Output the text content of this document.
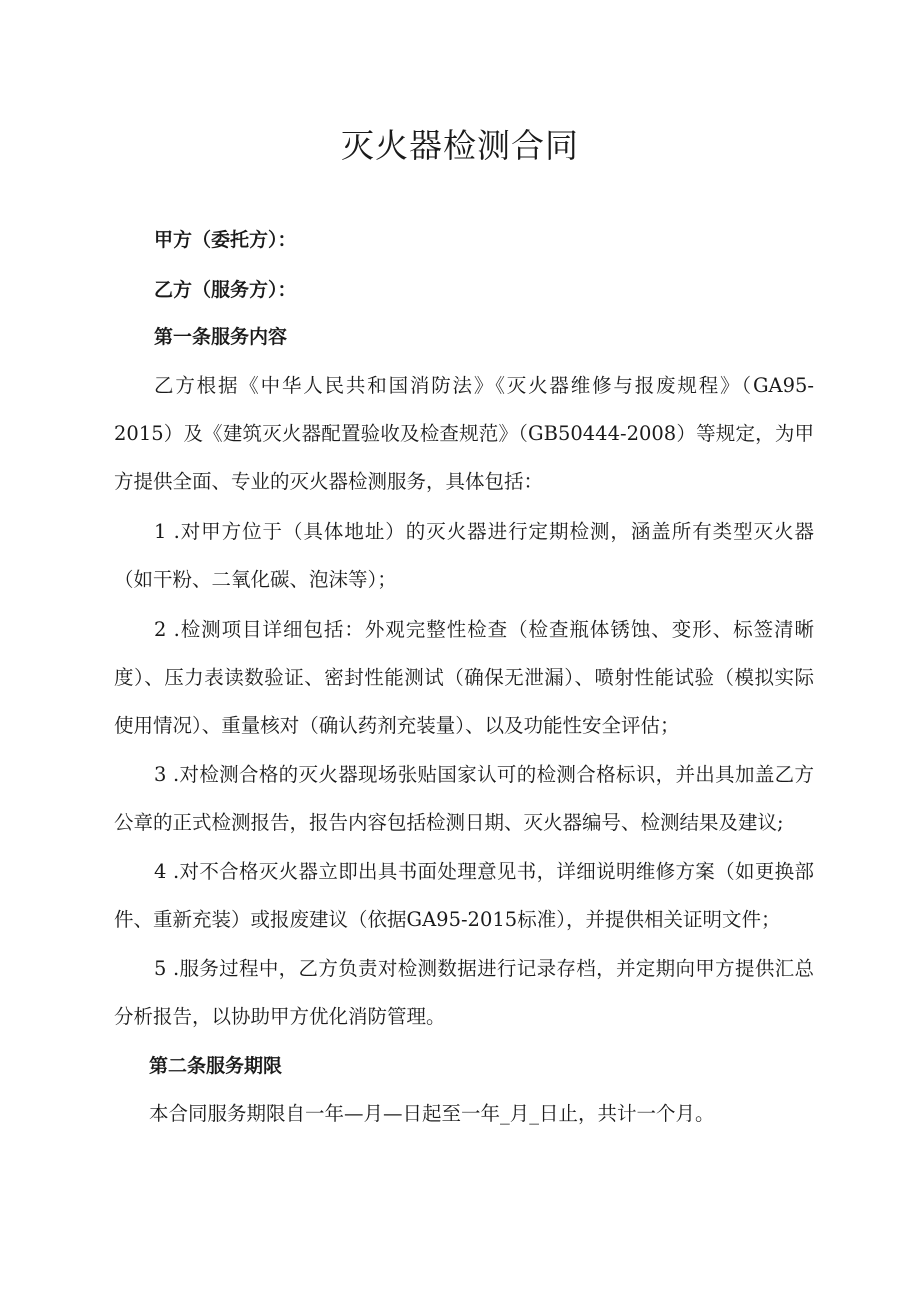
灭火器检测合同

甲方（委托方）：

乙方（服务方）：

第一条服务内容

乙方根据《中华人民共和国消防法》《灭火器维修与报废规程》（GA95-2015）及《建筑灭火器配置验收及检查规范》（GB50444-2008）等规定，为甲方提供全面、专业的灭火器检测服务，具体包括：

1 .对甲方位于（具体地址）的灭火器进行定期检测，涵盖所有类型灭火器（如干粉、二氧化碳、泡沫等）；

2 .检测项目详细包括：外观完整性检查（检查瓶体锈蚀、变形、标签清晰度）、压力表读数验证、密封性能测试（确保无泄漏）、喷射性能试验（模拟实际使用情况）、重量核对（确认药剂充装量）、以及功能性安全评估；

3 .对检测合格的灭火器现场张贴国家认可的检测合格标识，并出具加盖乙方公章的正式检测报告，报告内容包括检测日期、灭火器编号、检测结果及建议;

4 .对不合格灭火器立即出具书面处理意见书，详细说明维修方案（如更换部件、重新充装）或报废建议（依据GA95-2015标准），并提供相关证明文件；

5 .服务过程中，乙方负责对检测数据进行记录存档，并定期向甲方提供汇总分析报告，以协助甲方优化消防管理。

第二条服务期限

本合同服务期限自一年—月—日起至一年_月_日止，共计一个月。
